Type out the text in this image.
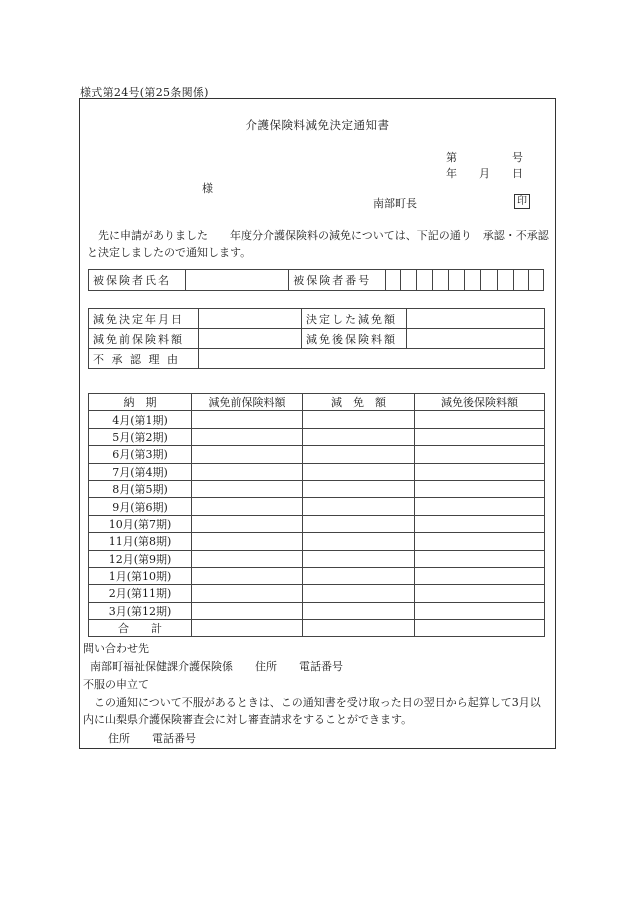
様式第24号(第25条関係)
介護保険料減免決定通知書
第　　　　　号
年　　月　　日
様
南部町長	印
　先に申請がありました　　年度分介護保険料の減免については、下記の通り　承認・不承認　と決定しましたので通知します。
被保険者氏名		被保険者番号										
減免決定年月日		決定した減免額	
減免前保険料額		減免後保険料額	
不 承 認 理 由			
納　期	減免前保険料額	減　免　額	減免後保険料額
4月(第1期)			
5月(第2期)			
6月(第3期)			
7月(第4期)			
8月(第5期)			
9月(第6期)			
10月(第7期)			
11月(第8期)			
12月(第9期)			
1月(第10期)			
2月(第11期)			
3月(第12期)			
合　　計			
問い合わせ先
南部町福祉保健課介護保険係　　住所　　電話番号
不服の申立て
　この通知について不服があるときは、この通知書を受け取った日の翌日から起算して3月以内に山梨県介護保険審査会に対し審査請求をすることができます。
住所　　電話番号
